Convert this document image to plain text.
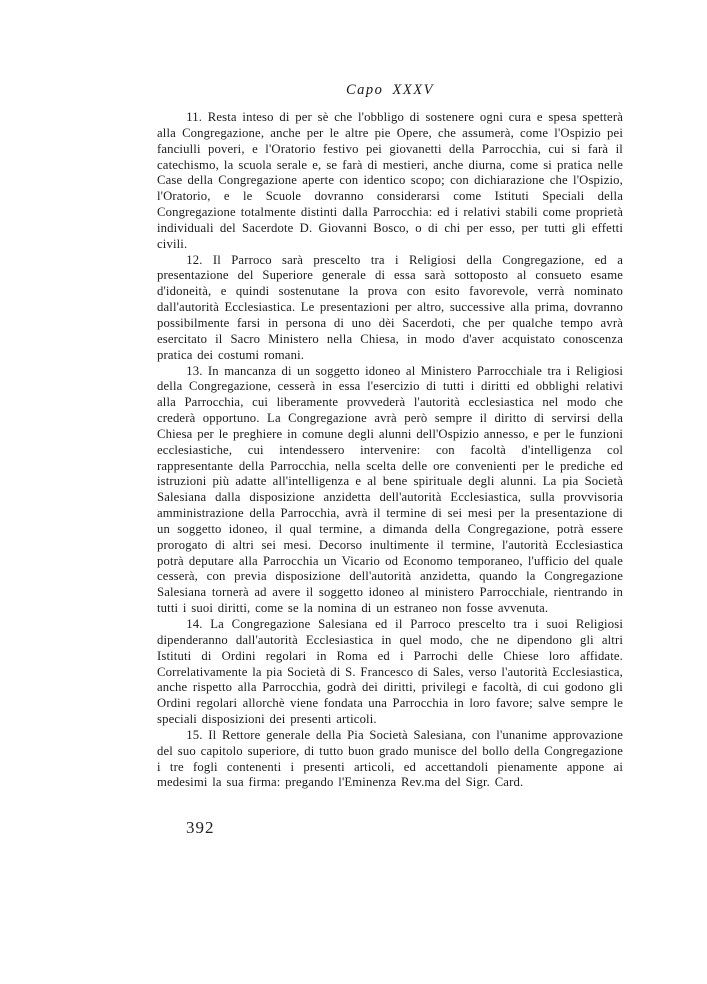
Capo XXXV

11. Resta inteso di per sè che l'obbligo di sostenere ogni cura e spesa spetterà alla Congregazione, anche per le altre pie Opere, che assumerà, come l'Ospizio pei fanciulli poveri, e l'Oratorio festivo pei giovanetti della Parrocchia, cui si farà il catechismo, la scuola serale e, se farà di mestieri, anche diurna, come si pratica nelle Case della Congregazione aperte con identico scopo; con dichiarazione che l'Ospizio, l'Oratorio, e le Scuole dovranno considerarsi come Istituti Speciali della Congregazione totalmente distinti dalla Parrocchia: ed i relativi stabili come proprietà individuali del Sacerdote D. Giovanni Bosco, o di chi per esso, per tutti gli effetti civili.

12. Il Parroco sarà prescelto tra i Religiosi della Congregazione, ed a presentazione del Superiore generale di essa sarà sottoposto al consueto esame d'idoneità, e quindi sostenutane la prova con esito favorevole, verrà nominato dall'autorità Ecclesiastica. Le presentazioni per altro, successive alla prima, dovranno possibilmente farsi in persona di uno dèi Sacerdoti, che per qualche tempo avrà esercitato il Sacro Ministero nella Chiesa, in modo d'aver acquistato conoscenza pratica dei costumi romani.

13. In mancanza di un soggetto idoneo al Ministero Parrocchiale tra i Religiosi della Congregazione, cesserà in essa l'esercizio di tutti i diritti ed obblighi relativi alla Parrocchia, cui liberamente provvederà l'autorità ecclesiastica nel modo che crederà opportuno. La Congregazione avrà però sempre il diritto di servirsi della Chiesa per le preghiere in comune degli alunni dell'Ospizio annesso, e per le funzioni ecclesiastiche, cui intendessero intervenire: con facoltà d'intelligenza col rappresentante della Parrocchia, nella scelta delle ore convenienti per le prediche ed istruzioni più adatte all'intelligenza e al bene spirituale degli alunni. La pia Società Salesiana dalla disposizione anzidetta dell'autorità Ecclesiastica, sulla provvisoria amministrazione della Parrocchia, avrà il termine di sei mesi per la presentazione di un soggetto idoneo, il qual termine, a dimanda della Congregazione, potrà essere prorogato di altri sei mesi. Decorso inultimente il termine, l'autorità Ecclesiastica potrà deputare alla Parrocchia un Vicario od Economo temporaneo, l'ufficio del quale cesserà, con previa disposizione dell'autorità anzidetta, quando la Congregazione Salesiana tornerà ad avere il soggetto idoneo al ministero Parrocchiale, rientrando in tutti i suoi diritti, come se la nomina di un estraneo non fosse avvenuta.

14. La Congregazione Salesiana ed il Parroco prescelto tra i suoi Religiosi dipenderanno dall'autorità Ecclesiastica in quel modo, che ne dipendono gli altri Istituti di Ordini regolari in Roma ed i Parrochi delle Chiese loro affidate. Correlativamente la pia Società di S. Francesco di Sales, verso l'autorità Ecclesiastica, anche rispetto alla Parrocchia, godrà dei diritti, privilegi e facoltà, di cui godono gli Ordini regolari allorchè viene fondata una Parrocchia in loro favore; salve sempre le speciali disposizioni dei presenti articoli.

15. Il Rettore generale della Pia Società Salesiana, con l'unanime approvazione del suo capitolo superiore, di tutto buon grado munisce del bollo della Congregazione i tre fogli contenenti i presenti articoli, ed accettandoli pienamente appone ai medesimi la sua firma: pregando l'Eminenza Rev.ma del Sigr. Card.

392
